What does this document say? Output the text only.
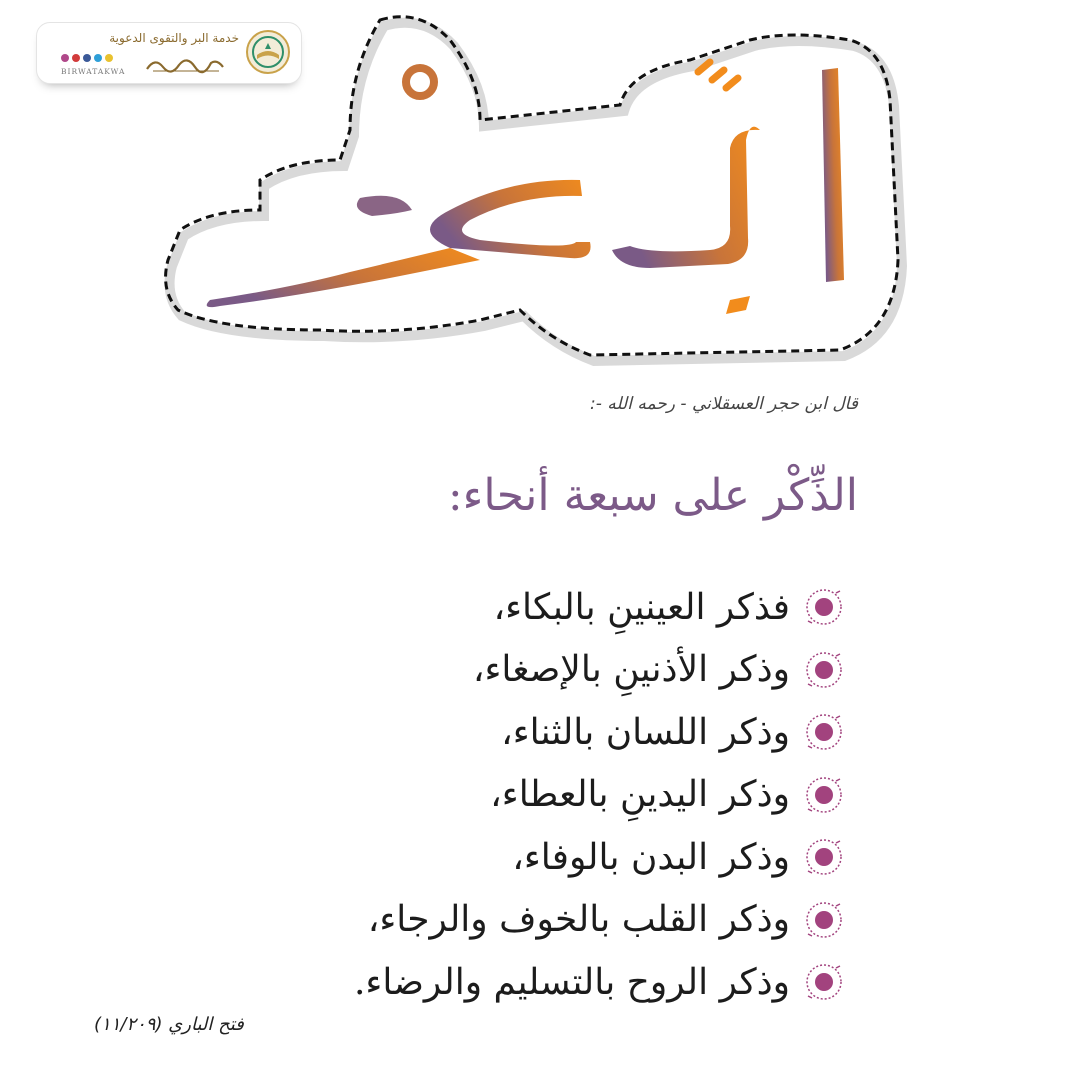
خدمة البر والتقوى الدعوية
BIRWATAKWA
قال ابن حجر العسقلاني - رحمه الله -:
الذِّكْر على سبعة أنحاء:
فذكر العينينِ بالبكاء،
وذكر الأذنينِ بالإصغاء،
وذكر اللسان بالثناء،
وذكر اليدينِ بالعطاء،
وذكر البدن بالوفاء،
وذكر القلب بالخوف والرجاء،
وذكر الروح بالتسليم والرضاء.
فتح الباري (١١/٢٠٩)
